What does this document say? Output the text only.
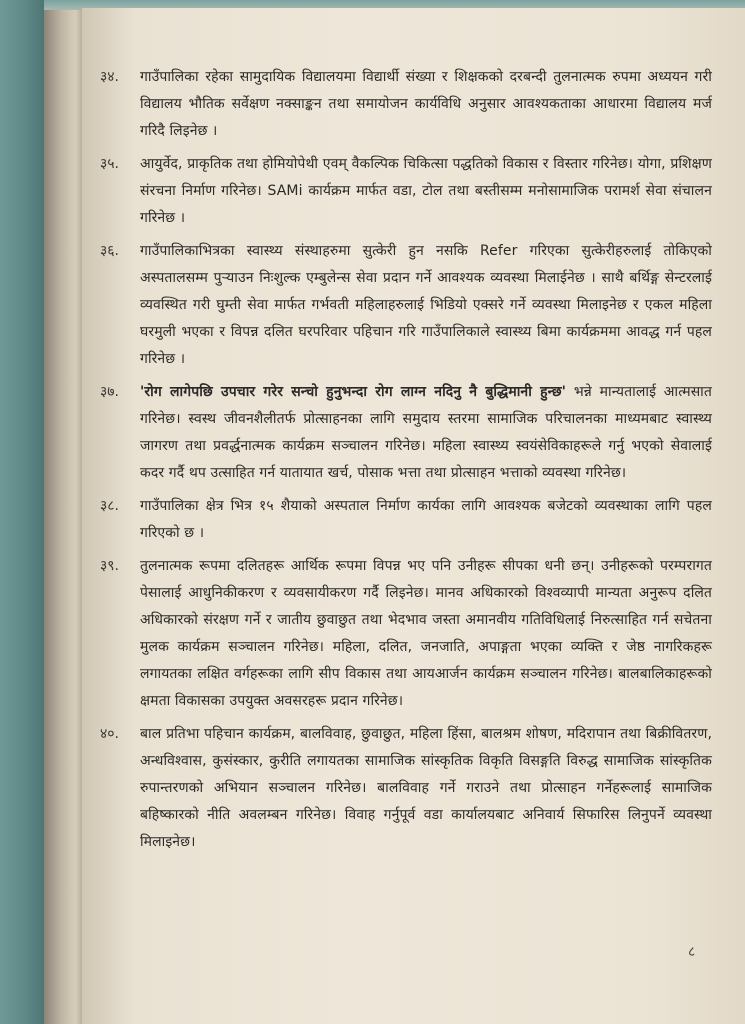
३४.	गाउँपालिका रहेका सामुदायिक विद्यालयमा विद्यार्थी संख्या र शिक्षकको दरबन्दी तुलनात्मक रुपमा अध्ययन गरी विद्यालय भौतिक सर्वेक्षण नक्साङ्कन तथा समायोजन कार्यविधि अनुसार आवश्यकताका आधारमा विद्यालय मर्ज गरिदै लिइनेछ ।
३५.	आयुर्वेद, प्राकृतिक तथा होमियोपेथी एवम् वैकल्पिक चिकित्सा पद्धतिको विकास र विस्तार गरिनेछ। योगा, प्रशिक्षण संरचना निर्माण गरिनेछ। SAMi कार्यक्रम मार्फत वडा, टोल तथा बस्तीसम्म मनोसामाजिक परामर्श सेवा संचालन गरिनेछ ।
३६.	गाउँपालिकाभित्रका स्वास्थ्य संस्थाहरुमा सुत्केरी हुन नसकि Refer गरिएका सुत्केरीहरुलाई तोकिएको अस्पतालसम्म पुऱ्याउन निःशुल्क एम्बुलेन्स सेवा प्रदान गर्ने आवश्यक व्यवस्था मिलाईनेछ । साथै बर्थिङ्ग सेन्टरलाई व्यवस्थित गरी घुम्ती सेवा मार्फत गर्भवती महिलाहरुलाई भिडियो एक्सरे गर्ने व्यवस्था मिलाइनेछ र एकल महिला घरमुली भएका र विपन्न दलित घरपरिवार पहिचान गरि गाउँपालिकाले स्वास्थ्य बिमा कार्यक्रममा आवद्ध गर्न पहल गरिनेछ ।
३७.	'रोग लागेपछि उपचार गरेर सन्चो हुनुभन्दा रोग लाग्न नदिनु नै बुद्धिमानी हुन्छ' भन्ने मान्यतालाई आत्मसात गरिनेछ। स्वस्थ जीवनशैलीतर्फ प्रोत्साहनका लागि समुदाय स्तरमा सामाजिक परिचालनका माध्यमबाट स्वास्थ्य जागरण तथा प्रवर्द्धनात्मक कार्यक्रम सञ्चालन गरिनेछ। महिला स्वास्थ्य स्वयंसेविकाहरूले गर्नु भएको सेवालाई कदर गर्दै थप उत्साहित गर्न यातायात खर्च, पोसाक भत्ता तथा प्रोत्साहन भत्ताको व्यवस्था गरिनेछ।
३८.	गाउँपालिका क्षेत्र भित्र १५ शैयाको अस्पताल निर्माण कार्यका लागि आवश्यक बजेटको व्यवस्थाका लागि पहल गरिएको छ ।
३९.	तुलनात्मक रूपमा दलितहरू आर्थिक रूपमा विपन्न भए पनि उनीहरू सीपका धनी छन्। उनीहरूको परम्परागत पेसालाई आधुनिकीकरण र व्यवसायीकरण गर्दै लिइनेछ। मानव अधिकारको विश्वव्यापी मान्यता अनुरूप दलित अधिकारको संरक्षण गर्ने र जातीय छुवाछुत तथा भेदभाव जस्ता अमानवीय गतिविधिलाई निरुत्साहित गर्न सचेतना मुलक कार्यक्रम सञ्चालन गरिनेछ। महिला, दलित, जनजाति, अपाङ्गता भएका व्यक्ति र जेष्ठ नागरिकहरू लगायतका लक्षित वर्गहरूका लागि सीप विकास तथा आयआर्जन कार्यक्रम सञ्चालन गरिनेछ। बालबालिकाहरूको क्षमता विकासका उपयुक्त अवसरहरू प्रदान गरिनेछ।
४०.	बाल प्रतिभा पहिचान कार्यक्रम, बालविवाह, छुवाछुत, महिला हिंसा, बालश्रम शोषण, मदिरापान तथा बिक्रीवितरण, अन्धविश्वास, कुसंस्कार, कुरीति लगायतका सामाजिक सांस्कृतिक विकृति विसङ्गति विरुद्ध सामाजिक सांस्कृतिक रुपान्तरणको अभियान सञ्चालन गरिनेछ। बालविवाह गर्ने गराउने तथा प्रोत्साहन गर्नेहरूलाई सामाजिक बहिष्कारको नीति अवलम्बन गरिनेछ। विवाह गर्नुपूर्व वडा कार्यालयबाट अनिवार्य सिफारिस लिनुपर्ने व्यवस्था मिलाइनेछ।
८
